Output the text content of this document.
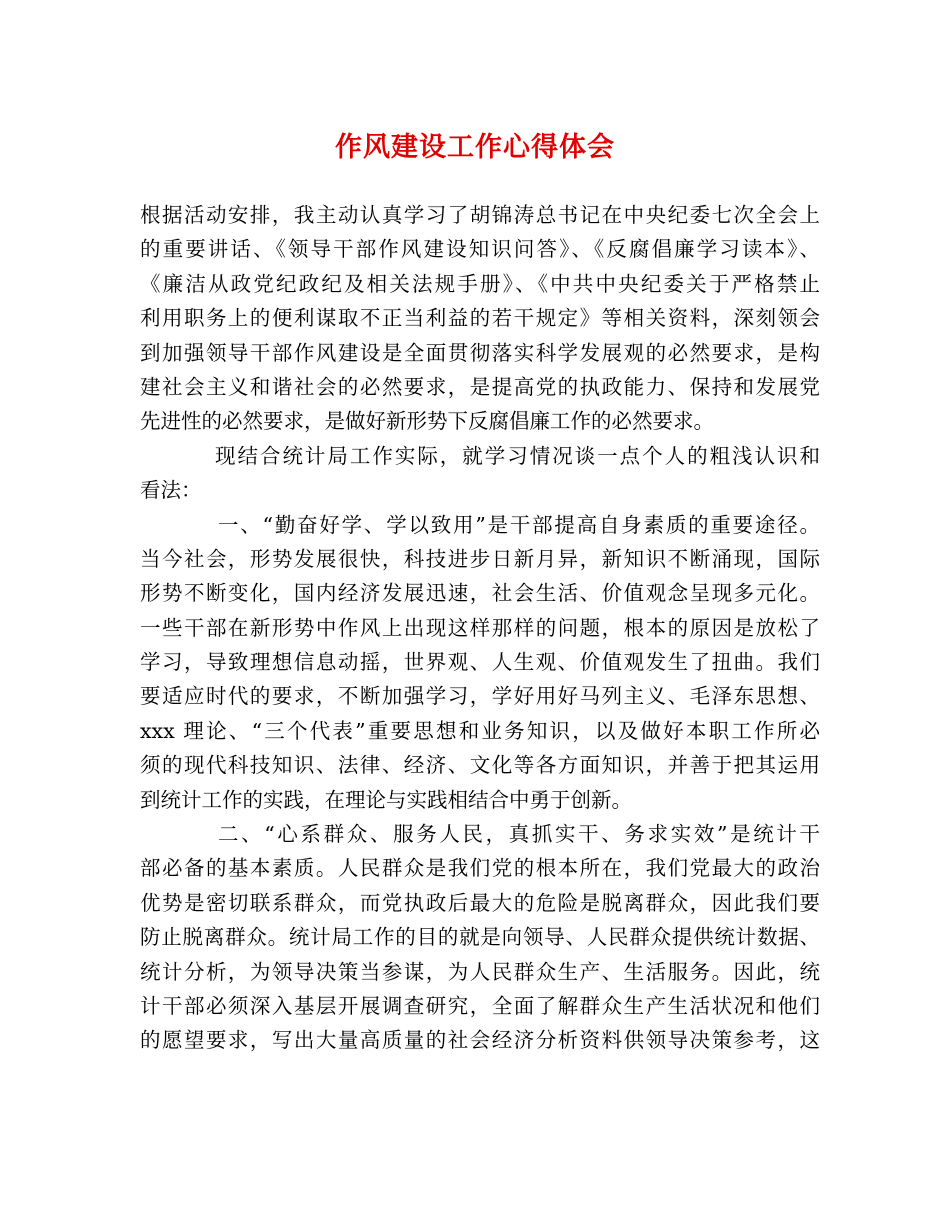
作风建设工作心得体会
根据活动安排，我主动认真学习了胡锦涛总书记在中央纪委七次全会上
的重要讲话、《领导干部作风建设知识问答》、《反腐倡廉学习读本》、
《廉洁从政党纪政纪及相关法规手册》、《中共中央纪委关于严格禁止
利用职务上的便利谋取不正当利益的若干规定》等相关资料，深刻领会
到加强领导干部作风建设是全面贯彻落实科学发展观的必然要求，是构
建社会主义和谐社会的必然要求，是提高党的执政能力、保持和发展党
先进性的必然要求，是做好新形势下反腐倡廉工作的必然要求。
现结合统计局工作实际，就学习情况谈一点个人的粗浅认识和
看法：
一、“勤奋好学、学以致用”是干部提高自身素质的重要途径。
当今社会，形势发展很快，科技进步日新月异，新知识不断涌现，国际
形势不断变化，国内经济发展迅速，社会生活、价值观念呈现多元化。
一些干部在新形势中作风上出现这样那样的问题，根本的原因是放松了
学习，导致理想信息动摇，世界观、人生观、价值观发生了扭曲。我们
要适应时代的要求，不断加强学习，学好用好马列主义、毛泽东思想、
xxx 理论、“三个代表”重要思想和业务知识，以及做好本职工作所必
须的现代科技知识、法律、经济、文化等各方面知识，并善于把其运用
到统计工作的实践，在理论与实践相结合中勇于创新。
二、“心系群众、服务人民，真抓实干、务求实效”是统计干
部必备的基本素质。人民群众是我们党的根本所在，我们党最大的政治
优势是密切联系群众，而党执政后最大的危险是脱离群众，因此我们要
防止脱离群众。统计局工作的目的就是向领导、人民群众提供统计数据、
统计分析，为领导决策当参谋，为人民群众生产、生活服务。因此，统
计干部必须深入基层开展调查研究，全面了解群众生产生活状况和他们
的愿望要求，写出大量高质量的社会经济分析资料供领导决策参考，这
